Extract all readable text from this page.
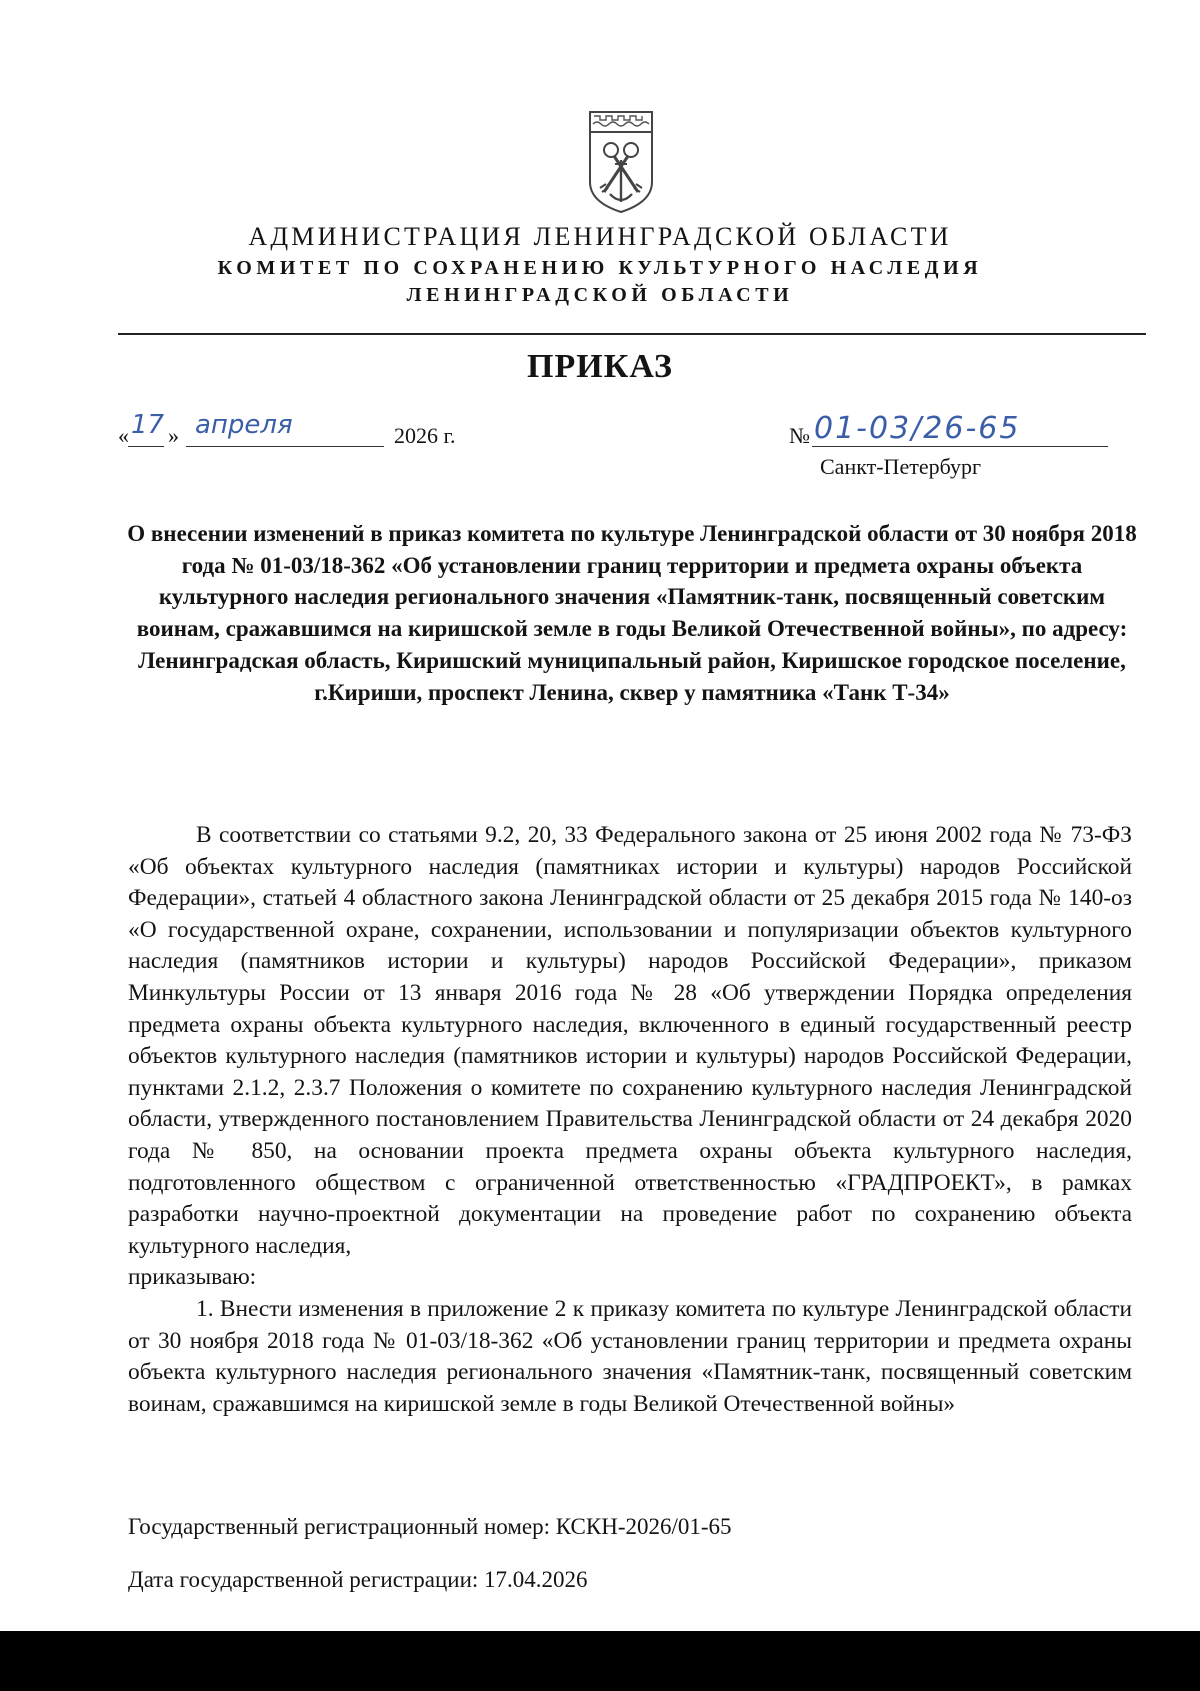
АДМИНИСТРАЦИЯ ЛЕНИНГРАДСКОЙ ОБЛАСТИ
КОМИТЕТ ПО СОХРАНЕНИЮ КУЛЬТУРНОГО НАСЛЕДИЯ
ЛЕНИНГРАДСКОЙ ОБЛАСТИ
ПРИКАЗ
« 17 » апреля	2026 г.	№ 01-03/26-65
Санкт-Петербург
О внесении изменений в приказ комитета по культуре Ленинградской области от 30 ноября 2018 года № 01-03/18-362 «Об установлении границ территории и предмета охраны объекта культурного наследия регионального значения «Памятник-танк, посвященный советским воинам, сражавшимся на киришской земле в годы Великой Отечественной войны», по адресу: Ленинградская область, Киришский муниципальный район, Киришское городское поселение, г.Кириши, проспект Ленина, сквер у памятника «Танк Т-34»

В соответствии со статьями 9.2, 20, 33 Федерального закона от 25 июня 2002 года № 73-ФЗ «Об объектах культурного наследия (памятниках истории и культуры) народов Российской Федерации», статьей 4 областного закона Ленинградской области от 25 декабря 2015 года № 140-оз «О государственной охране, сохранении, использовании и популяризации объектов культурного наследия (памятников истории и культуры) народов Российской Федерации», приказом Минкультуры России от 13 января 2016 года № 28 «Об утверждении Порядка определения предмета охраны объекта культурного наследия, включенного в единый государственный реестр объектов культурного наследия (памятников истории и культуры) народов Российской Федерации, пунктами 2.1.2, 2.3.7 Положения о комитете по сохранению культурного наследия Ленинградской области, утвержденного постановлением Правительства Ленинградской области от 24 декабря 2020 года № 850, на основании проекта предмета охраны объекта культурного наследия, подготовленного обществом с ограниченной ответственностью «ГРАДПРОЕКТ», в рамках разработки научно-проектной документации на проведение работ по сохранению объекта культурного наследия,

приказываю:

1. Внести изменения в приложение 2 к приказу комитета по культуре Ленинградской области от 30 ноября 2018 года № 01-03/18-362 «Об установлении границ территории и предмета охраны объекта культурного наследия регионального значения «Памятник-танк, посвященный советским воинам, сражавшимся на киришской земле в годы Великой Отечественной войны»

Государственный регистрационный номер: КСКН-2026/01-65
Дата государственной регистрации: 17.04.2026
